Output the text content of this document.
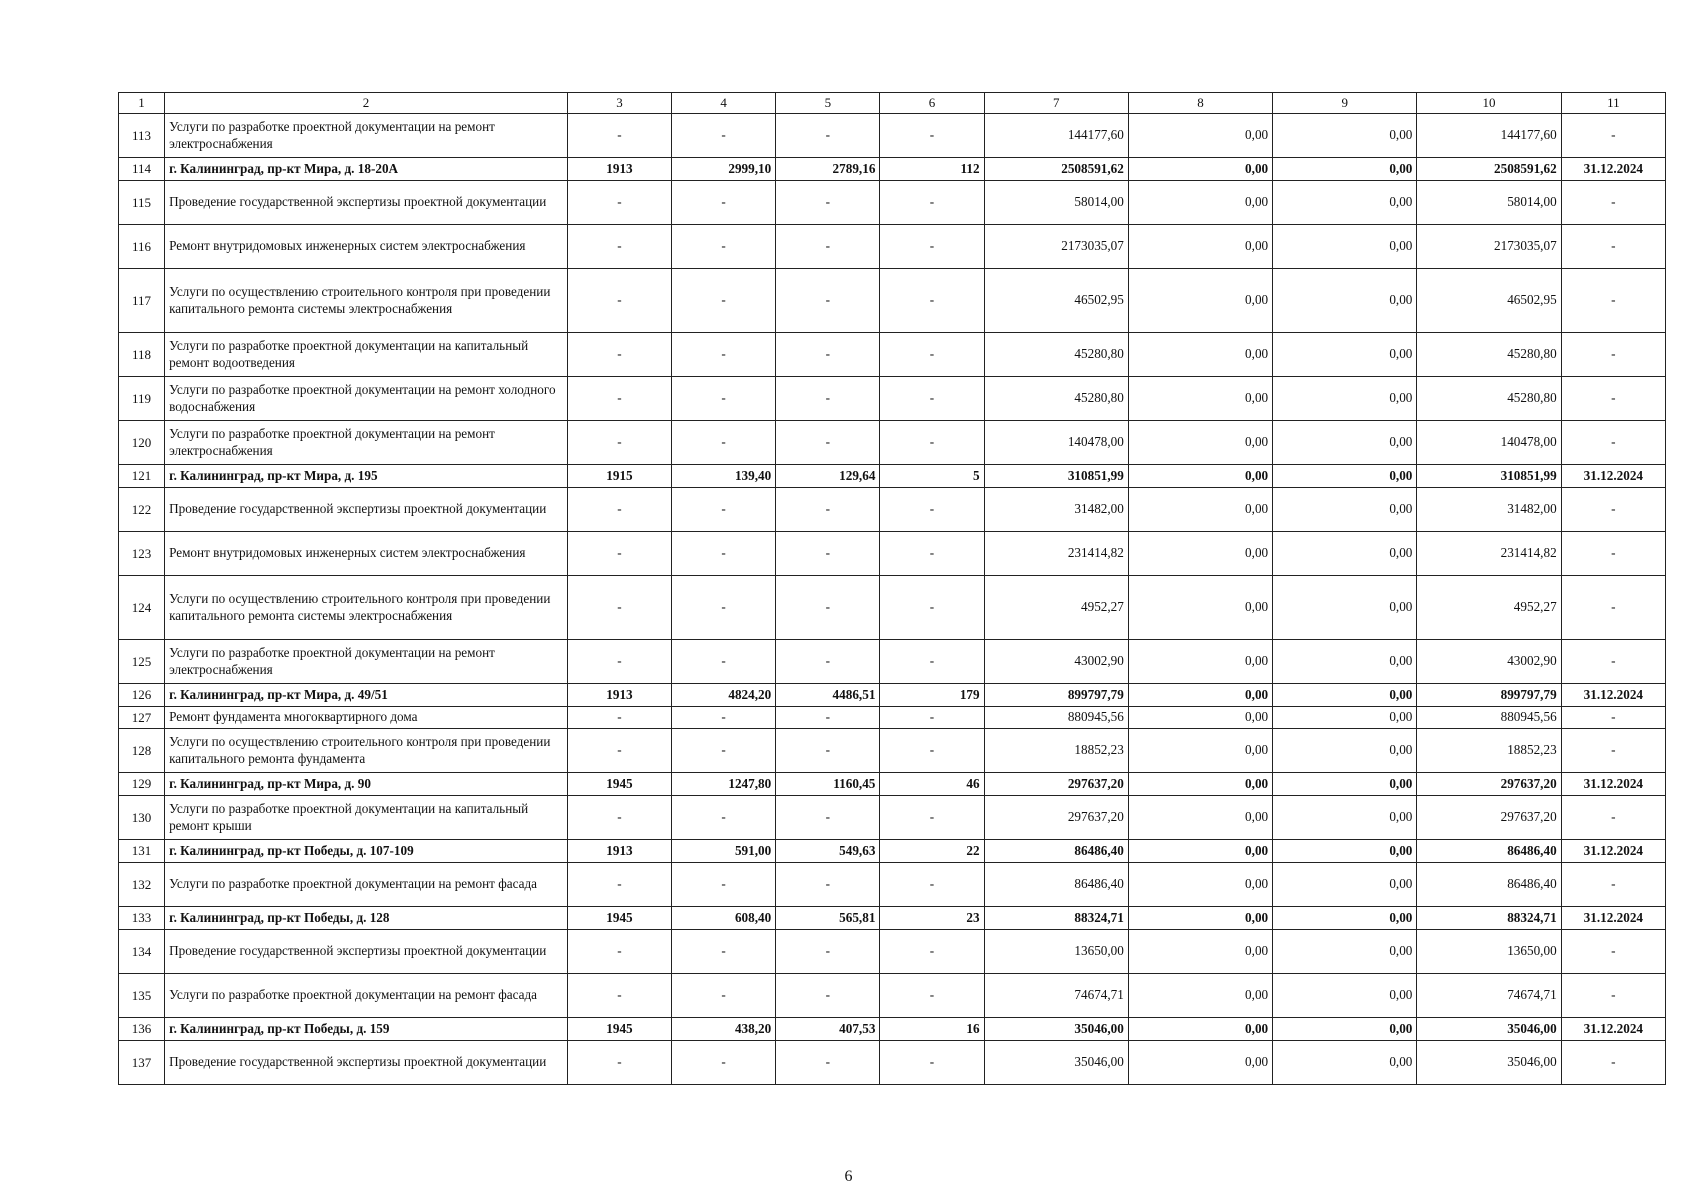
1	2	3	4	5	6	7	8	9	10	11
113	Услуги по разработке проектной документации на ремонт электроснабжения	-	-	-	-	144177,60	0,00	0,00	144177,60	-
114	г. Калининград, пр-кт Мира, д. 18-20А	1913	2999,10	2789,16	112	2508591,62	0,00	0,00	2508591,62	31.12.2024
115	Проведение государственной экспертизы проектной документации	-	-	-	-	58014,00	0,00	0,00	58014,00	-
116	Ремонт внутридомовых инженерных систем электроснабжения	-	-	-	-	2173035,07	0,00	0,00	2173035,07	-
117	Услуги по осуществлению строительного контроля при проведении капитального ремонта системы электроснабжения	-	-	-	-	46502,95	0,00	0,00	46502,95	-
118	Услуги по разработке проектной документации на капитальный ремонт водоотведения	-	-	-	-	45280,80	0,00	0,00	45280,80	-
119	Услуги по разработке проектной документации на ремонт холодного водоснабжения	-	-	-	-	45280,80	0,00	0,00	45280,80	-
120	Услуги по разработке проектной документации на ремонт электроснабжения	-	-	-	-	140478,00	0,00	0,00	140478,00	-
121	г. Калининград, пр-кт Мира, д. 195	1915	139,40	129,64	5	310851,99	0,00	0,00	310851,99	31.12.2024
122	Проведение государственной экспертизы проектной документации	-	-	-	-	31482,00	0,00	0,00	31482,00	-
123	Ремонт внутридомовых инженерных систем электроснабжения	-	-	-	-	231414,82	0,00	0,00	231414,82	-
124	Услуги по осуществлению строительного контроля при проведении капитального ремонта системы электроснабжения	-	-	-	-	4952,27	0,00	0,00	4952,27	-
125	Услуги по разработке проектной документации на ремонт электроснабжения	-	-	-	-	43002,90	0,00	0,00	43002,90	-
126	г. Калининград, пр-кт Мира, д. 49/51	1913	4824,20	4486,51	179	899797,79	0,00	0,00	899797,79	31.12.2024
127	Ремонт фундамента многоквартирного дома	-	-	-	-	880945,56	0,00	0,00	880945,56	-
128	Услуги по осуществлению строительного контроля при проведении капитального ремонта фундамента	-	-	-	-	18852,23	0,00	0,00	18852,23	-
129	г. Калининград, пр-кт Мира, д. 90	1945	1247,80	1160,45	46	297637,20	0,00	0,00	297637,20	31.12.2024
130	Услуги по разработке проектной документации на капитальный ремонт крыши	-	-	-	-	297637,20	0,00	0,00	297637,20	-
131	г. Калининград, пр-кт Победы, д. 107-109	1913	591,00	549,63	22	86486,40	0,00	0,00	86486,40	31.12.2024
132	Услуги по разработке проектной документации на ремонт фасада	-	-	-	-	86486,40	0,00	0,00	86486,40	-
133	г. Калининград, пр-кт Победы, д. 128	1945	608,40	565,81	23	88324,71	0,00	0,00	88324,71	31.12.2024
134	Проведение государственной экспертизы проектной документации	-	-	-	-	13650,00	0,00	0,00	13650,00	-
135	Услуги по разработке проектной документации на ремонт фасада	-	-	-	-	74674,71	0,00	0,00	74674,71	-
136	г. Калининград, пр-кт Победы, д. 159	1945	438,20	407,53	16	35046,00	0,00	0,00	35046,00	31.12.2024
137	Проведение государственной экспертизы проектной документации	-	-	-	-	35046,00	0,00	0,00	35046,00	-
6
